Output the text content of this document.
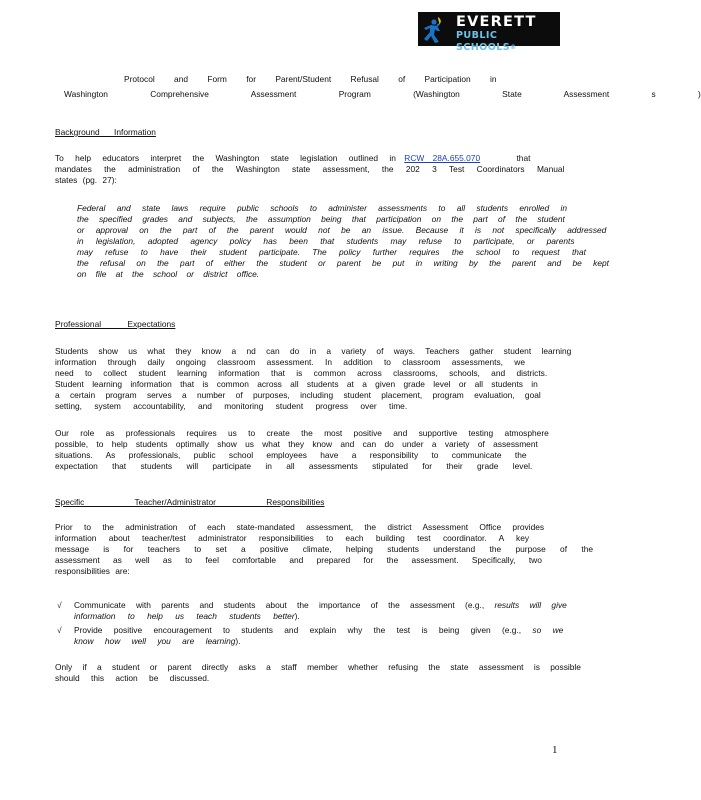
EVERETT
PUBLIC SCHOOLS®
Protocol and Form for Parent/Student Refusal of Participation in
Washington Comprehensive Assessment Program (Washington State Assessment s )
Background Information
To help educators interpret the Washington state legislation outlined in RCW 28A.655.070	that
mandates the administration of the Washington state assessment, the 202 3 Test Coordinators Manual
states (pg. 27):
Federal and state laws require public schools to administer assessments to all students enrolled in
the specified grades and subjects, the assumption being that participation on the part of the student
or approval on the part of the parent would not be an issue. Because it is not specifically addressed
in legislation, adopted agency policy has been that students may refuse to participate, or parents
may refuse to have their student participate. The policy further requires the school to request that
the refusal on the part of either the student or parent be put in writing by the parent and be kept
on file at the school or district office.
Professional Expectations
Students show us what they know a nd can do in a variety of ways. Teachers gather student learning
information through daily ongoing classroom assessment. In addition to classroom assessments, we
need to collect student learning information that is common across classrooms, schools, and districts.
Student learning information that is common across all students at a given grade level or all students in
a certain program serves a number of purposes, including student placement, program evaluation, goal
setting, system accountability, and monitoring student progress over time.
Our role as professionals requires us to create the most positive and supportive testing atmosphere
possible, to help students optimally show us what they know and can do under a variety of assessment
situations. As professionals, public school employees have a responsibility to communicate the
expectation that students will participate in all assessments stipulated for their grade level.
Specific Teacher/Administrator Responsibilities
Prior to the administration of each state-mandated assessment, the district Assessment Office provides
information about teacher/test administrator responsibilities to each building test coordinator. A key
message is for teachers to set a positive climate, helping students understand the purpose of the
assessment as well as to feel comfortable and prepared for the assessment. Specifically, two
responsibilities are:
√ Communicate with parents and students about the importance of the assessment (e.g., results will give
information to help us teach students better).
√ Provide positive encouragement to students and explain why the test is being given (e.g., so we
know how well you are learning).
Only if a student or parent directly asks a staff member whether refusing the state assessment is possible
should this action be discussed.
1
